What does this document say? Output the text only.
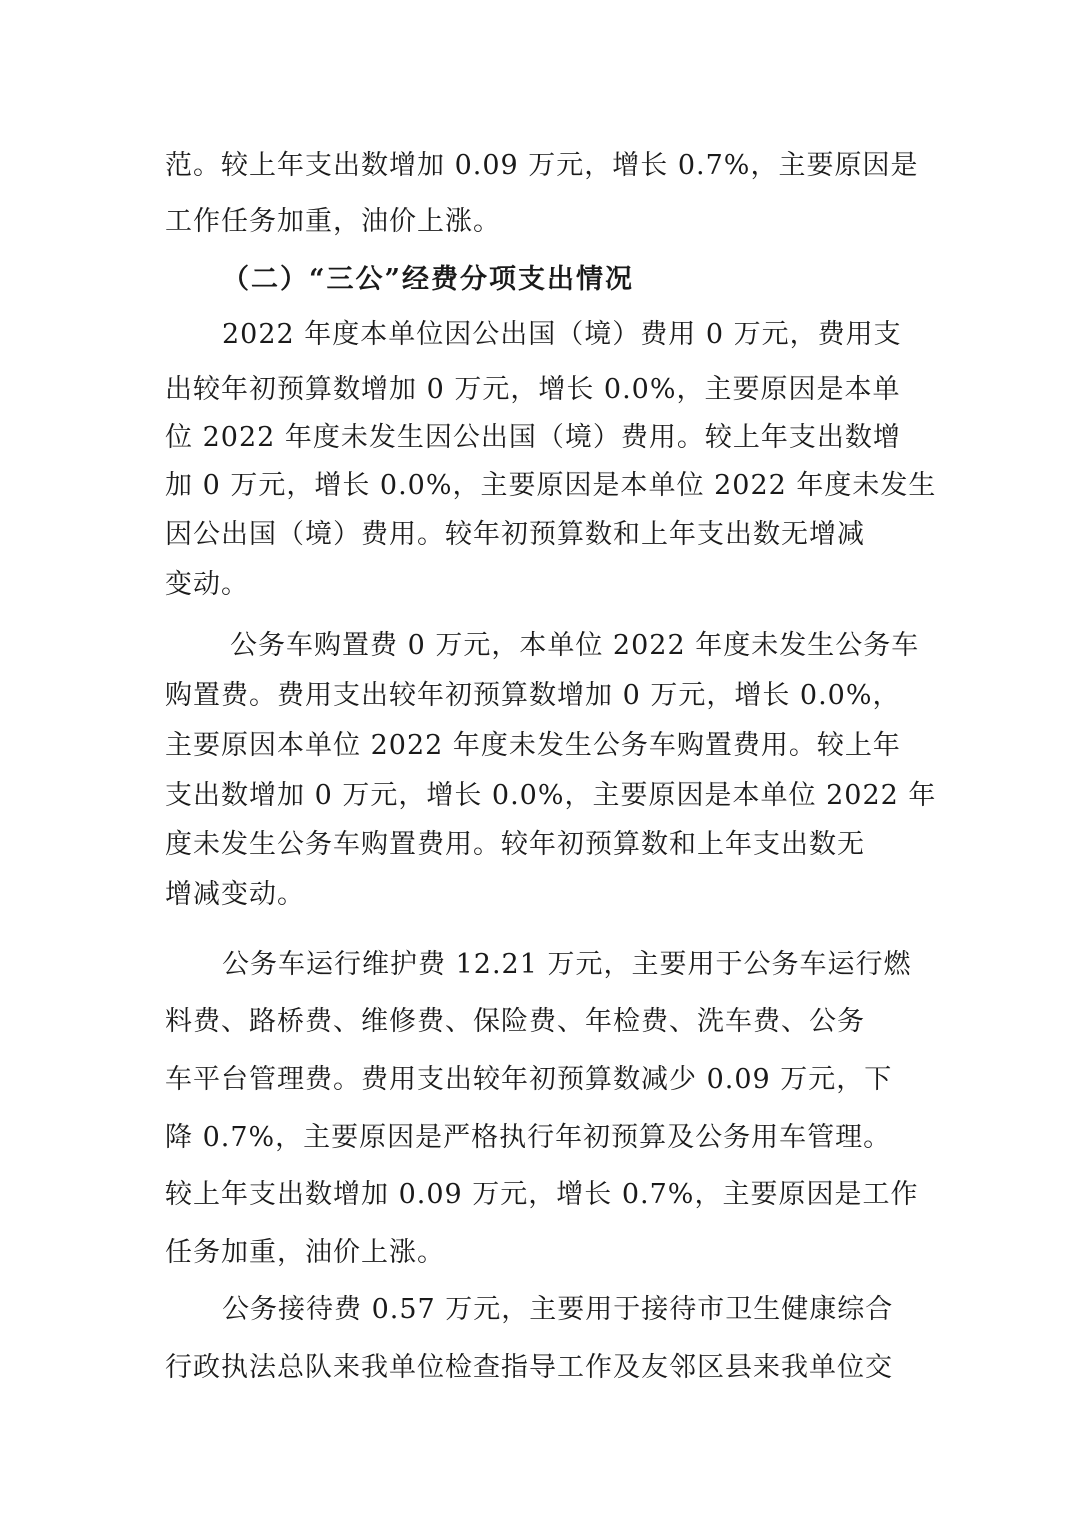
范。较上年支出数增加 0.09 万元，增长 0.7%，主要原因是
工作任务加重，油价上涨。
（二）“三公”经费分项支出情况
2022 年度本单位因公出国（境）费用 0 万元，费用支
出较年初预算数增加 0 万元，增长 0.0%，主要原因是本单
位 2022 年度未发生因公出国（境）费用。较上年支出数增
加 0 万元，增长 0.0%，主要原因是本单位 2022 年度未发生
因公出国（境）费用。较年初预算数和上年支出数无增减
变动。
公务车购置费 0 万元，本单位 2022 年度未发生公务车
购置费。费用支出较年初预算数增加 0 万元，增长 0.0%，
主要原因本单位 2022 年度未发生公务车购置费用。较上年
支出数增加 0 万元，增长 0.0%，主要原因是本单位 2022 年
度未发生公务车购置费用。较年初预算数和上年支出数无
增减变动。
公务车运行维护费 12.21 万元，主要用于公务车运行燃
料费、路桥费、维修费、保险费、年检费、洗车费、公务
车平台管理费。费用支出较年初预算数减少 0.09 万元，下
降 0.7%，主要原因是严格执行年初预算及公务用车管理。
较上年支出数增加 0.09 万元，增长 0.7%，主要原因是工作
任务加重，油价上涨。
公务接待费 0.57 万元，主要用于接待市卫生健康综合
行政执法总队来我单位检查指导工作及友邻区县来我单位交
